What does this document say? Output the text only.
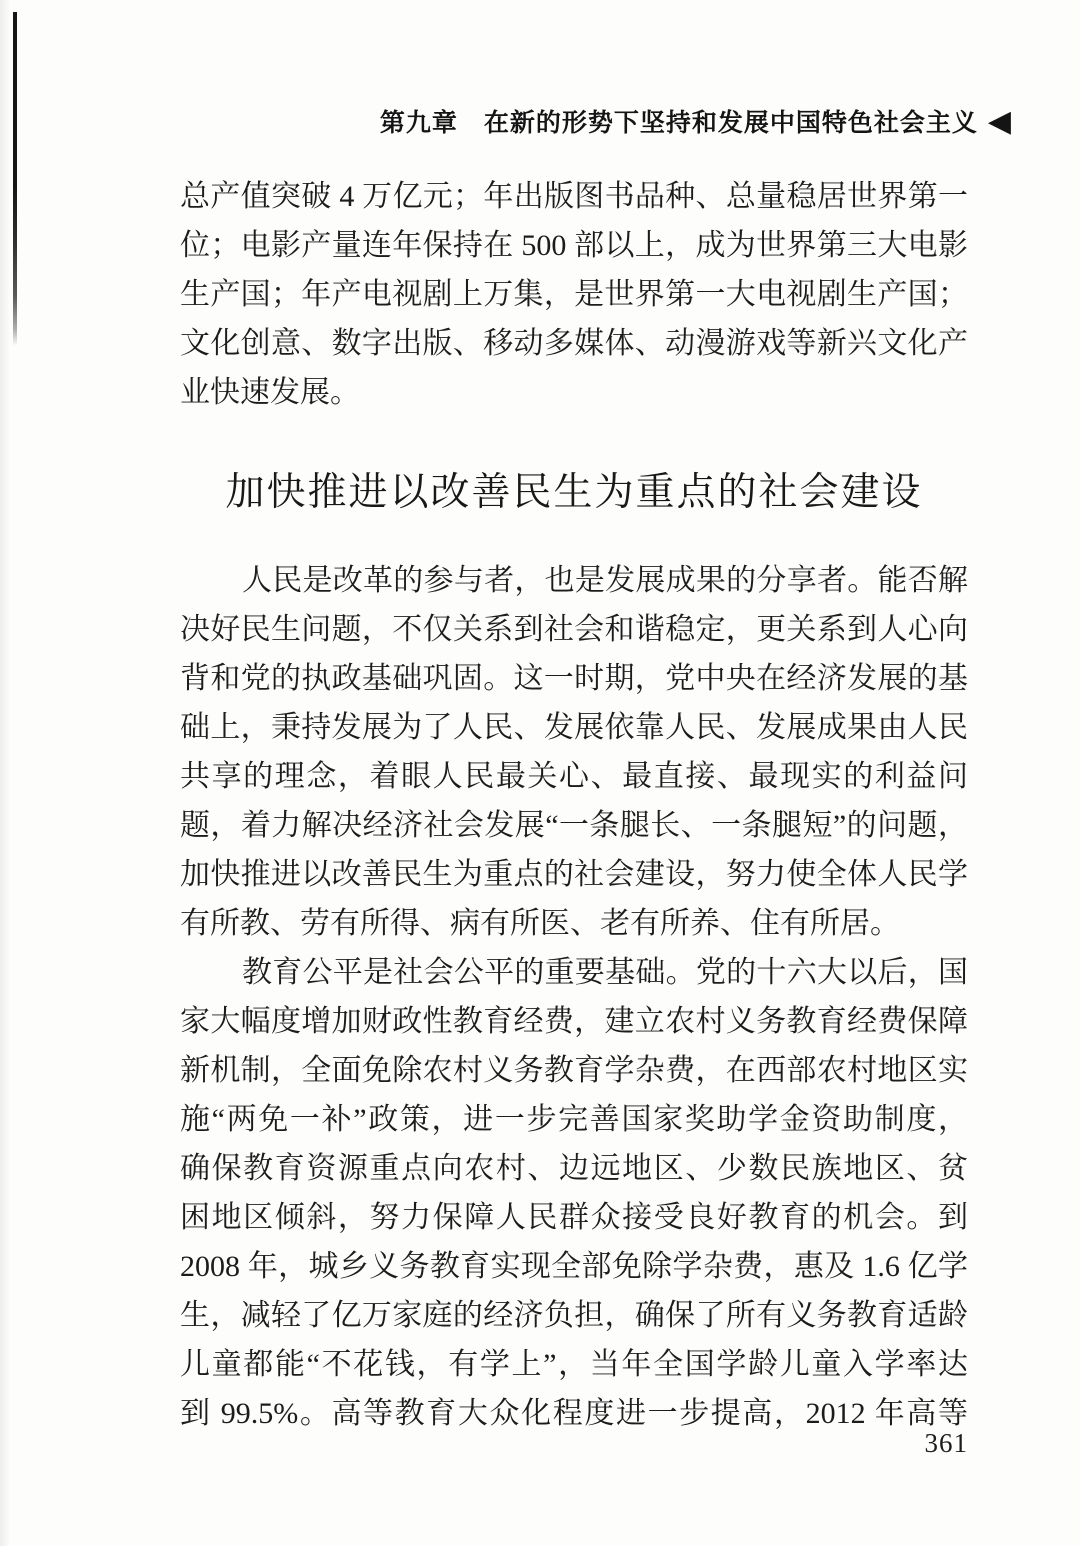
第九章 在新的形势下坚持和发展中国特色社会主义 ◀
总产值突破 4 万亿元；年出版图书品种、总量稳居世界第一
位；电影产量连年保持在 500 部以上，成为世界第三大电影
生产国；年产电视剧上万集，是世界第一大电视剧生产国；
文化创意、数字出版、移动多媒体、动漫游戏等新兴文化产
业快速发展。
加快推进以改善民生为重点的社会建设
人民是改革的参与者，也是发展成果的分享者。能否解
决好民生问题，不仅关系到社会和谐稳定，更关系到人心向
背和党的执政基础巩固。这一时期，党中央在经济发展的基
础上，秉持发展为了人民、发展依靠人民、发展成果由人民
共享的理念，着眼人民最关心、最直接、最现实的利益问
题，着力解决经济社会发展“一条腿长、一条腿短”的问题，
加快推进以改善民生为重点的社会建设，努力使全体人民学
有所教、劳有所得、病有所医、老有所养、住有所居。
教育公平是社会公平的重要基础。党的十六大以后，国
家大幅度增加财政性教育经费，建立农村义务教育经费保障
新机制，全面免除农村义务教育学杂费，在西部农村地区实
施“两免一补”政策，进一步完善国家奖助学金资助制度，
确保教育资源重点向农村、边远地区、少数民族地区、贫
困地区倾斜，努力保障人民群众接受良好教育的机会。到
2008 年，城乡义务教育实现全部免除学杂费，惠及 1.6 亿学
生，减轻了亿万家庭的经济负担，确保了所有义务教育适龄
儿童都能“不花钱，有学上”，当年全国学龄儿童入学率达
到 99.5%。高等教育大众化程度进一步提高，2012 年高等
361
